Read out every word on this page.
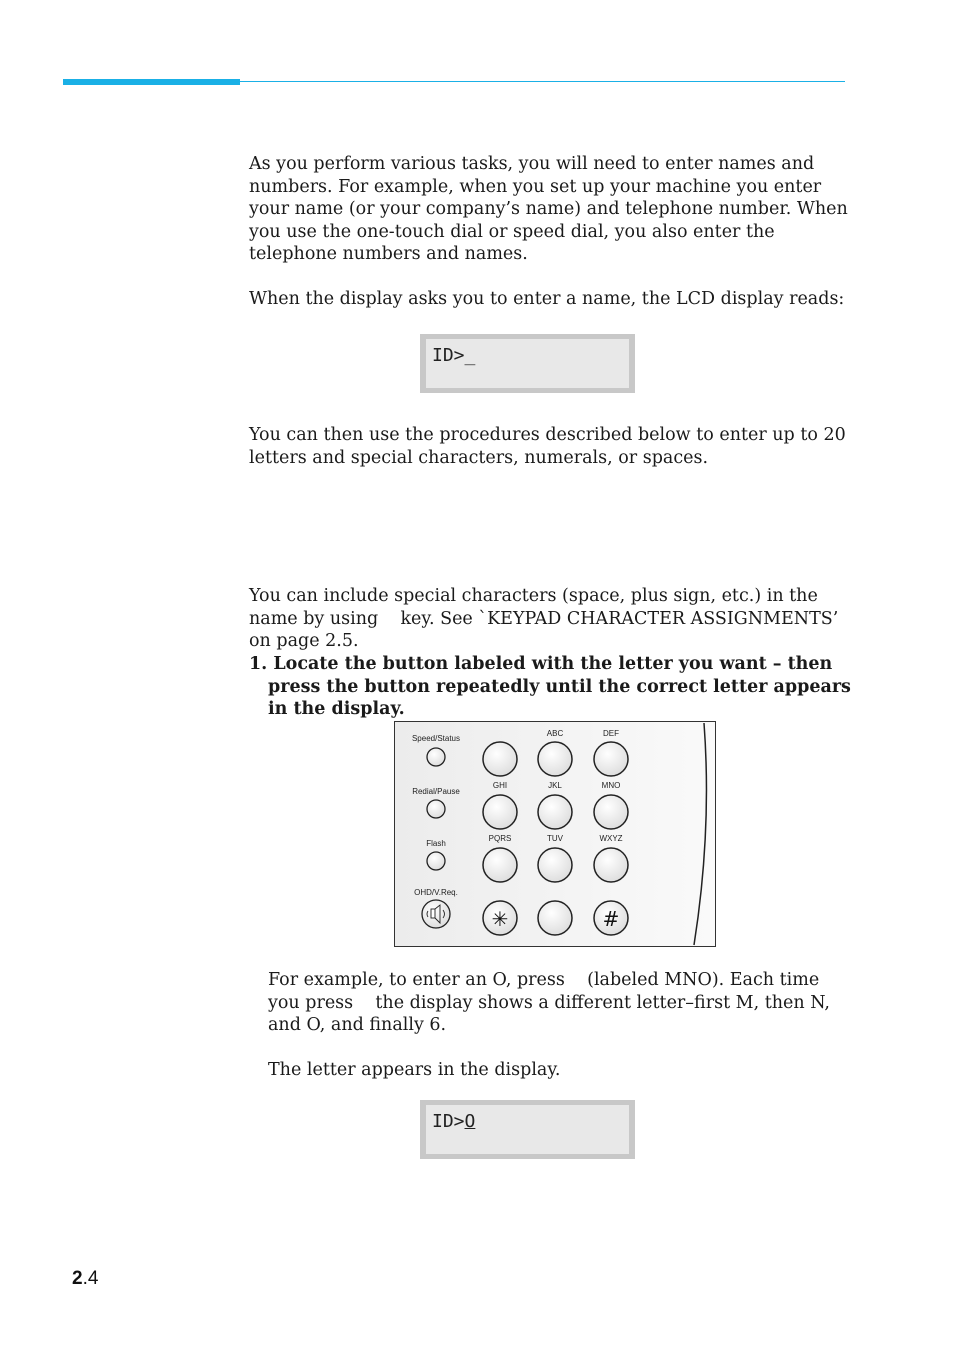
As you perform various tasks, you will need to enter names and numbers. For example, when you set up your machine you enter your name (or your company’s name) and telephone number. When you use the one-touch dial or speed dial, you also enter the telephone numbers and names.

When the display asks you to enter a name, the LCD display reads:

ID>_

You can then use the procedures described below to enter up to 20 letters and special characters, numerals, or spaces.

You can include special characters (space, plus sign, etc.) in the name by using    key. See `KEYPAD CHARACTER ASSIGNMENTS’ on page 2.5.

1. Locate the button labeled with the letter you want – then press the button repeatedly until the correct letter appears in the display.

Speed/Status
Redial/Pause
Flash
OHD/V.Req.
ABC	DEF
GHI	JKL	MNO
PQRS	TUV	WXYZ
✳	#

For example, to enter an O, press    (labeled MNO). Each time you press    the display shows a different letter–first M, then N, and O, and finally 6.

The letter appears in the display.

ID>O
2.4
